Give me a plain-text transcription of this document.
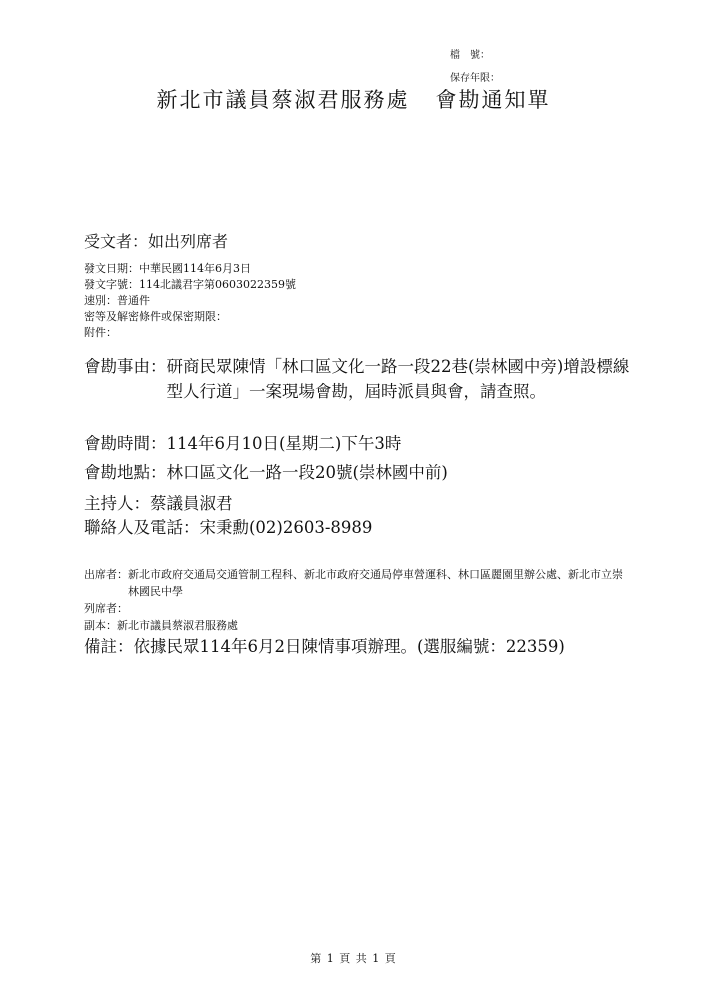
檔　號：
保存年限：
新北市議員蔡淑君服務處 會勘通知單
受文者：如出列席者
發文日期：中華民國114年6月3日
發文字號：114北議君字第0603022359號
速別：普通件
密等及解密條件或保密期限：
附件：
會勘事由： 研商民眾陳情「林口區文化一路一段22巷(崇林國中旁)增設標線型人行道」一案現場會勘，屆時派員與會，請查照。
會勘時間：114年6月10日(星期二)下午3時
會勘地點：林口區文化一路一段20號(崇林國中前)
主持人：蔡議員淑君
聯絡人及電話：宋秉勳(02)2603-8989
出席者： 新北市政府交通局交通管制工程科、新北市政府交通局停車營運科、林口區麗園里辦公處、新北市立崇林國民中學
列席者：
副本： 新北市議員蔡淑君服務處
備註：依據民眾114年6月2日陳情事項辦理。(選服編號：22359)
第 1 頁 共 1 頁
